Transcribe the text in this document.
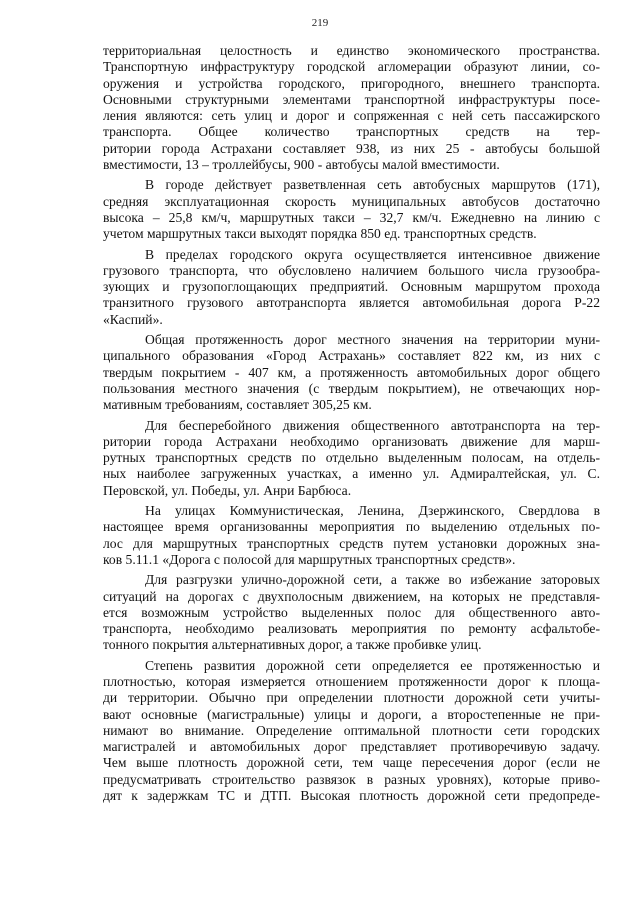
219

территориальная целостность и единство экономического пространства.
Транспортную инфраструктуру городской агломерации образуют линии, со-
оружения и устройства городского, пригородного, внешнего транспорта.
Основными структурными элементами транспортной инфраструктуры посе-
ления являются: сеть улиц и дорог и сопряженная с ней сеть пассажирского
транспорта. Общее количество транспортных средств на тер-
ритории города Астрахани составляет 938, из них 25 - автобусы большой
вместимости, 13 – троллейбусы, 900 - автобусы малой вместимости.

В городе действует разветвленная сеть автобусных маршрутов (171),
средняя эксплуатационная скорость муниципальных автобусов достаточно
высока – 25,8 км/ч, маршрутных такси – 32,7 км/ч. Ежедневно на линию с
учетом маршрутных такси выходят порядка 850 ед. транспортных средств.

В пределах городского округа осуществляется интенсивное движение
грузового транспорта, что обусловлено наличием большого числа грузообра-
зующих и грузопоглощающих предприятий. Основным маршрутом прохода
транзитного грузового автотранспорта является автомобильная дорога Р-22
«Каспий».

Общая протяженность дорог местного значения на территории муни-
ципального образования «Город Астрахань» составляет 822 км, из них с
твердым покрытием - 407 км, а протяженность автомобильных дорог общего
пользования местного значения (с твердым покрытием), не отвечающих нор-
мативным требованиям, составляет 305,25 км.

Для бесперебойного движения общественного автотранспорта на тер-
ритории города Астрахани необходимо организовать движение для марш-
рутных транспортных средств по отдельно выделенным полосам, на отдель-
ных наиболее загруженных участках, а именно ул. Адмиралтейская, ул. С.
Перовской, ул. Победы, ул. Анри Барбюса.

На улицах Коммунистическая, Ленина, Дзержинского, Свердлова в
настоящее время организованны мероприятия по выделению отдельных по-
лос для маршрутных транспортных средств путем установки дорожных зна-
ков 5.11.1 «Дорога с полосой для маршрутных транспортных средств».

Для разгрузки улично-дорожной сети, а также во избежание заторовых
ситуаций на дорогах с двухполосным движением, на которых не представля-
ется возможным устройство выделенных полос для общественного авто-
транспорта, необходимо реализовать мероприятия по ремонту асфальтобе-
тонного покрытия альтернативных дорог, а также пробивке улиц.

Степень развития дорожной сети определяется ее протяженностью и
плотностью, которая измеряется отношением протяженности дорог к площа-
ди территории. Обычно при определении плотности дорожной сети учиты-
вают основные (магистральные) улицы и дороги, а второстепенные не при-
нимают во внимание. Определение оптимальной плотности сети городских
магистралей и автомобильных дорог представляет противоречивую задачу.
Чем выше плотность дорожной сети, тем чаще пересечения дорог (если не
предусматривать строительство развязок в разных уровнях), которые приво-
дят к задержкам ТС и ДТП. Высокая плотность дорожной сети предопреде-
